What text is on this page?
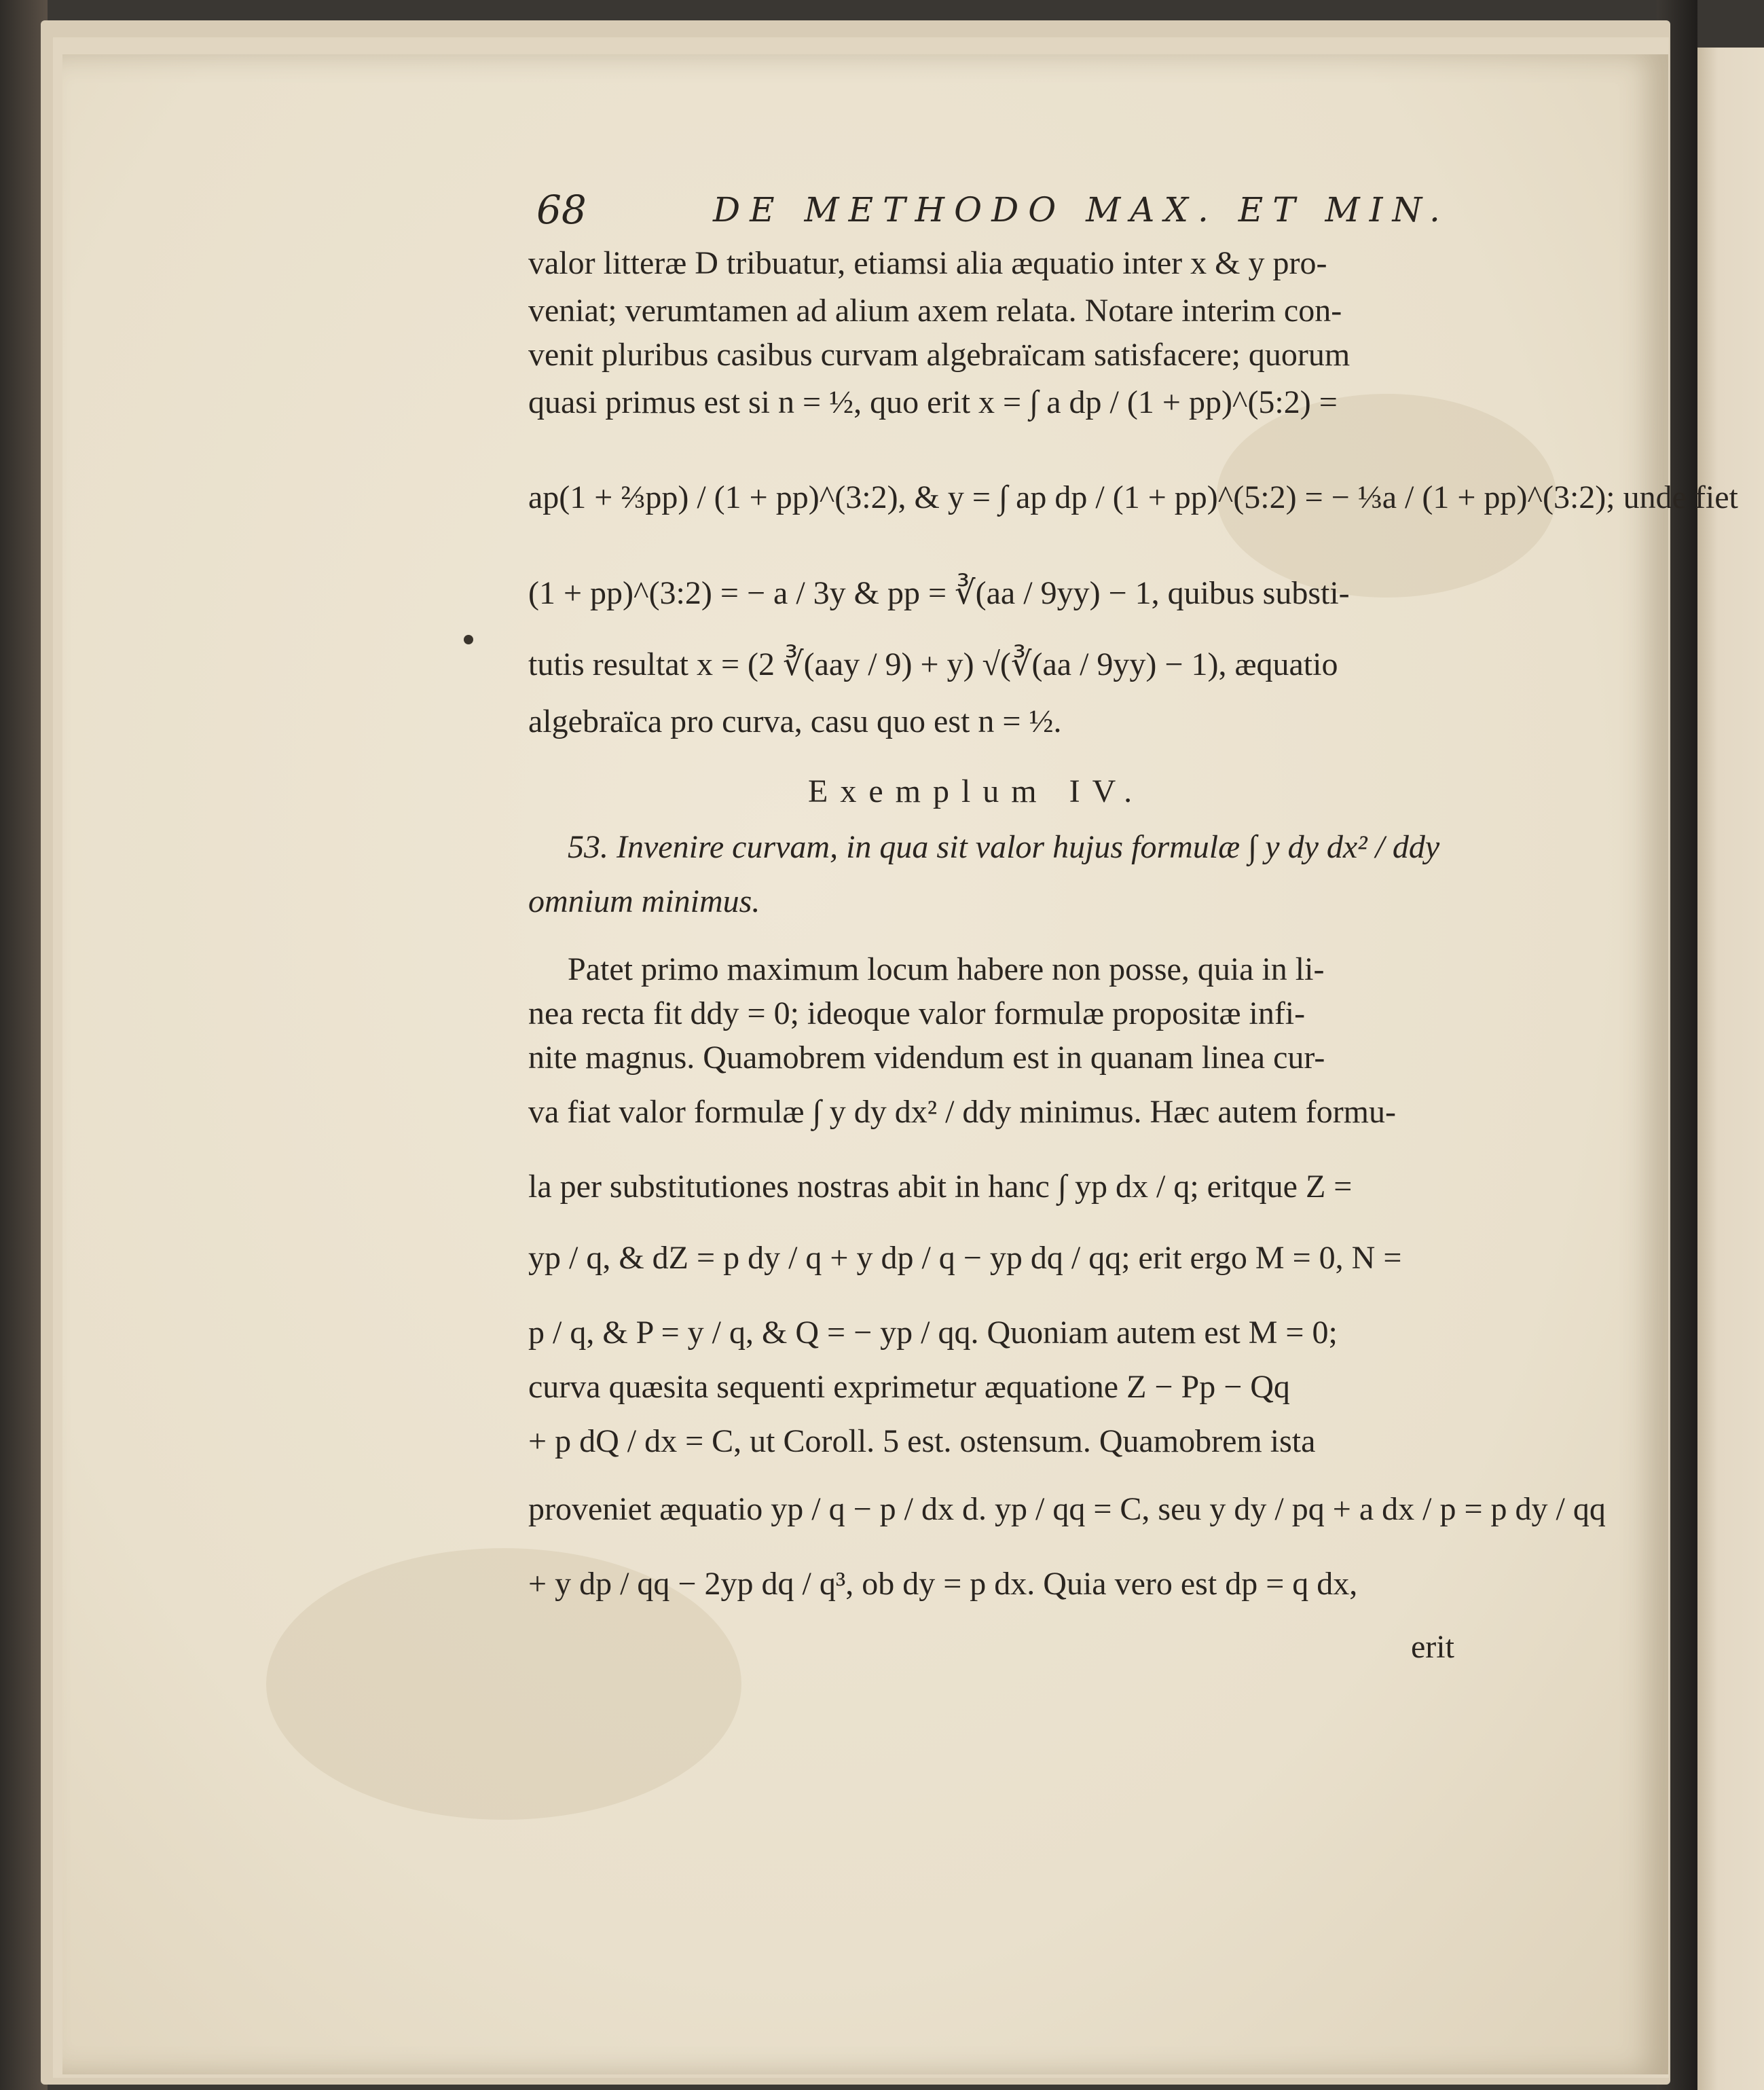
68	DE METHODO MAX. ET MIN.
valor litteræ D tribuatur, etiamsi alia æquatio inter x & y pro-
veniat; verumtamen ad alium axem relata. Notare interim con-
venit pluribus casibus curvam algebraïcam satisfacere; quorum
quasi primus est si n = ½, quo erit x = ∫ a dp / (1 + pp)^(5:2) =
ap(1 + ⅔pp) / (1 + pp)^(3:2), & y = ∫ ap dp / (1 + pp)^(5:2) = − ⅓a / (1 + pp)^(3:2); unde fiet
(1 + pp)^(3:2) = − a / 3y & pp = ∛(aa / 9yy) − 1, quibus substi-
tutis resultat x = (2 ∛(aay / 9) + y) √(∛(aa / 9yy) − 1), æquatio
algebraïca pro curva, casu quo est n = ½.
Exemplum IV.
53. Invenire curvam, in qua sit valor hujus formulæ ∫ y dy dx² / ddy
omnium minimus.
Patet primo maximum locum habere non posse, quia in li-
nea recta fit ddy = 0; ideoque valor formulæ propositæ infi-
nite magnus. Quamobrem videndum est in quanam linea cur-
va fiat valor formulæ ∫ y dy dx² / ddy minimus. Hæc autem formu-
la per substitutiones nostras abit in hanc ∫ yp dx / q; eritque Z =
yp / q, & dZ = p dy / q + y dp / q − yp dq / qq; erit ergo M = 0, N =
p / q, & P = y / q, & Q = − yp / qq. Quoniam autem est M = 0;
curva quæsita sequenti exprimetur æquatione Z − Pp − Qq
+ p dQ / dx = C, ut Coroll. 5 est. ostensum. Quamobrem ista
proveniet æquatio yp / q − p / dx d. yp / qq = C, seu y dy / pq + a dx / p = p dy / qq
+ y dp / qq − 2yp dq / q³, ob dy = p dx. Quia vero est dp = q dx,
erit
